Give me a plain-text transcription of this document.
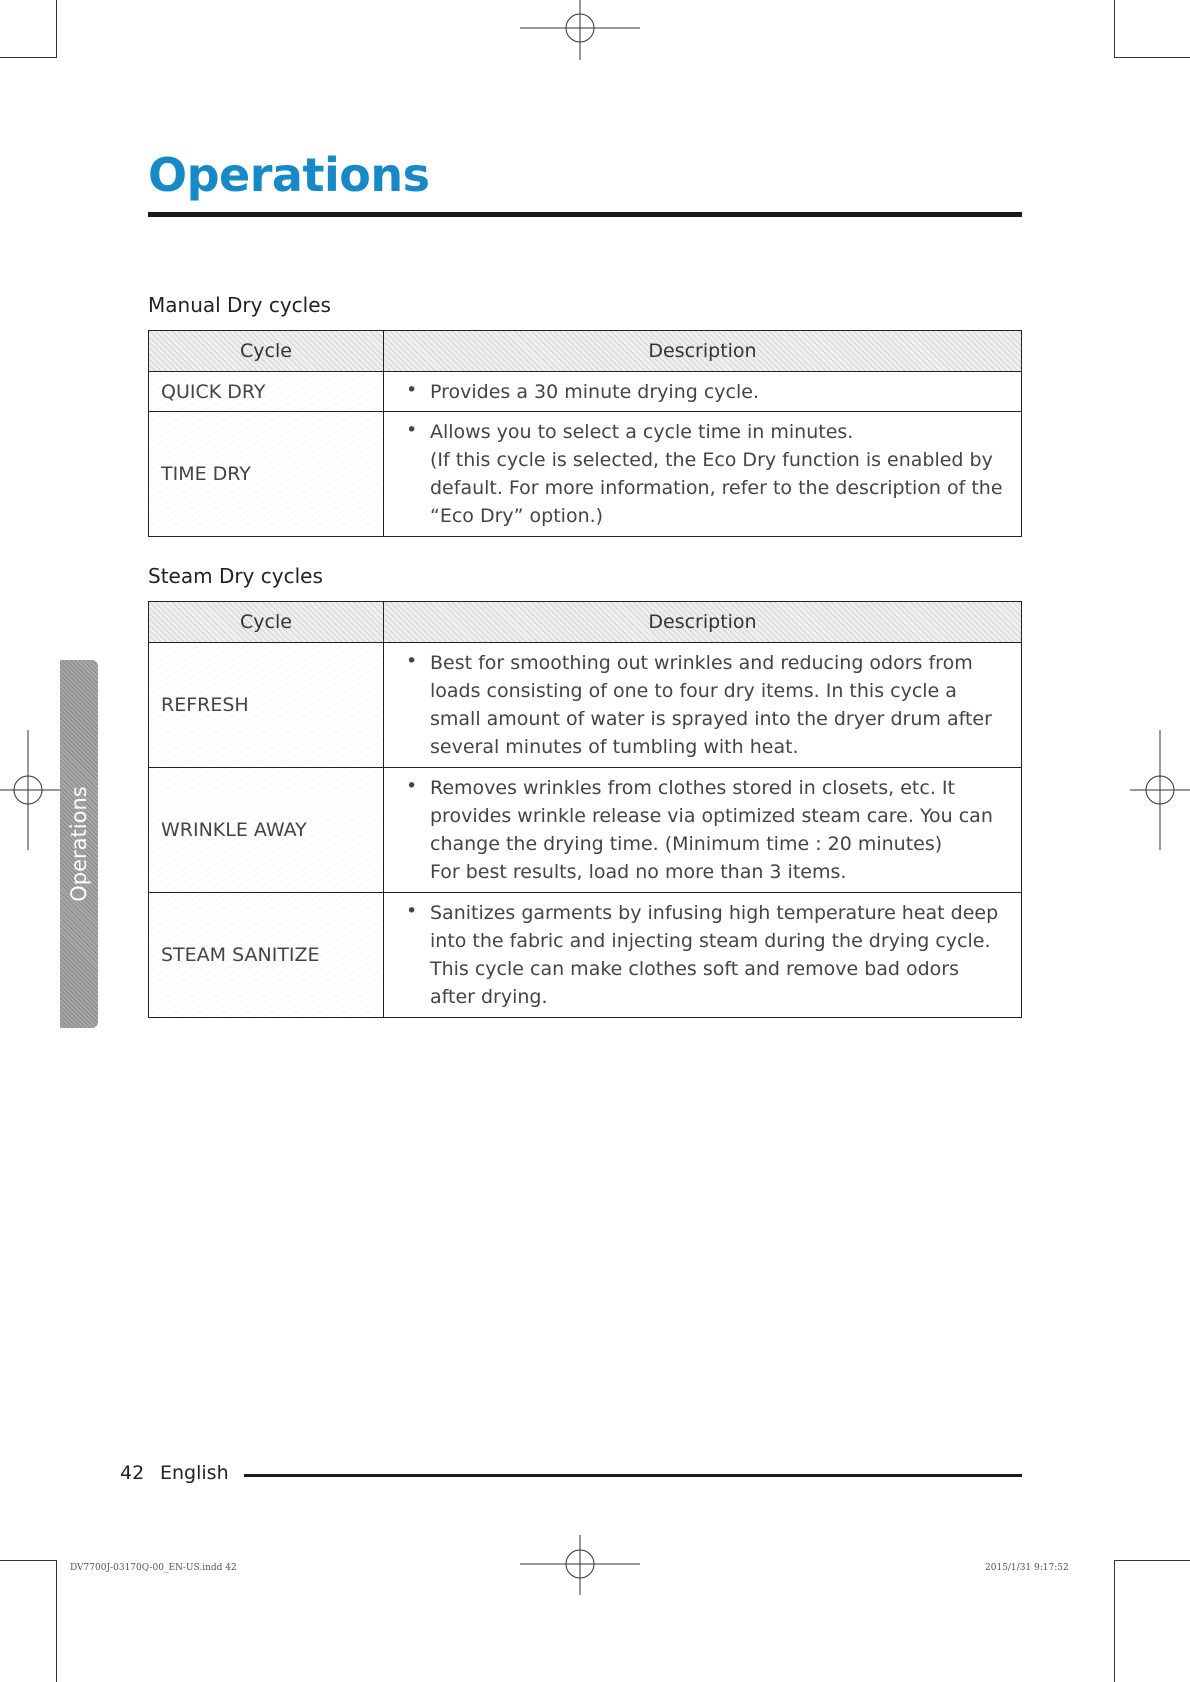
Operations
Operations
Manual Dry cycles
Cycle	Description
QUICK DRY	• Provides a 30 minute drying cycle.

TIME DRY	• Allows you to select a cycle time in minutes.

(If this cycle is selected, the Eco Dry function is enabled by default. For more information, refer to the description of the “Eco Dry” option.)

Steam Dry cycles
Cycle	Description
REFRESH	• Best for smoothing out wrinkles and reducing odors from loads consisting of one to four dry items. In this cycle a small amount of water is sprayed into the dryer drum after several minutes of tumbling with heat.

WRINKLE AWAY	• Removes wrinkles from clothes stored in closets, etc. It provides wrinkle release via optimized steam care. You can change the drying time. (Minimum time : 20 minutes)

For best results, load no more than 3 items.

STEAM SANITIZE	• Sanitizes garments by infusing high temperature heat deep into the fabric and injecting steam during the drying cycle. This cycle can make clothes soft and remove bad odors after drying.

42 English
DV7700J-03170Q-00_EN-US.indd 42	2015/1/31 9:17:52
